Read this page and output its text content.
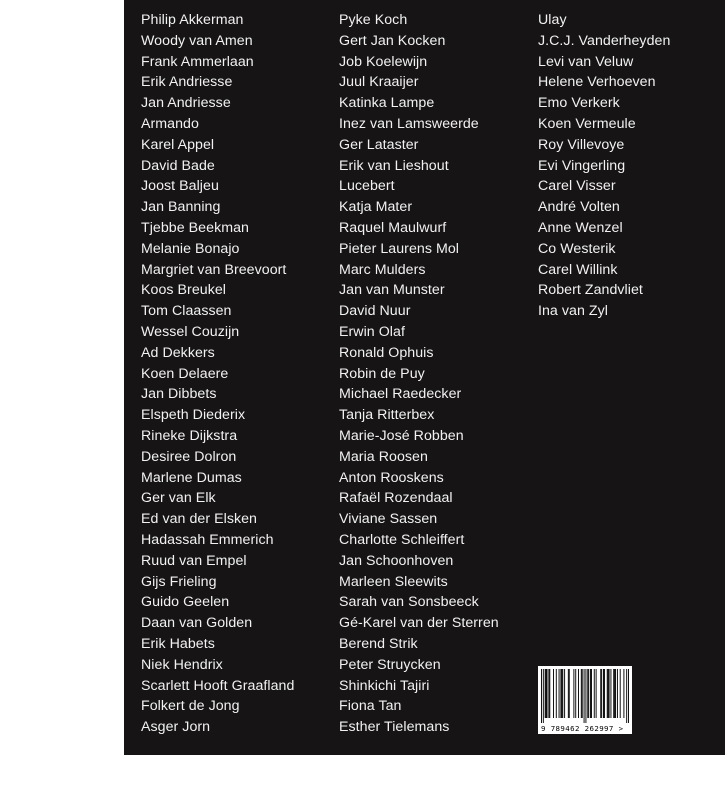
Philip Akkerman
Woody van Amen
Frank Ammerlaan
Erik Andriesse
Jan Andriesse
Armando
Karel Appel
David Bade
Joost Baljeu
Jan Banning
Tjebbe Beekman
Melanie Bonajo
Margriet van Breevoort
Koos Breukel
Tom Claassen
Wessel Couzijn
Ad Dekkers
Koen Delaere
Jan Dibbets
Elspeth Diederix
Rineke Dijkstra
Desiree Dolron
Marlene Dumas
Ger van Elk
Ed van der Elsken
Hadassah Emmerich
Ruud van Empel
Gijs Frieling
Guido Geelen
Daan van Golden
Erik Habets
Niek Hendrix
Scarlett Hooft Graafland
Folkert de Jong
Asger Jorn
Pyke Koch
Gert Jan Kocken
Job Koelewijn
Juul Kraaijer
Katinka Lampe
Inez van Lamsweerde
Ger Lataster
Erik van Lieshout
Lucebert
Katja Mater
Raquel Maulwurf
Pieter Laurens Mol
Marc Mulders
Jan van Munster
David Nuur
Erwin Olaf
Ronald Ophuis
Robin de Puy
Michael Raedecker
Tanja Ritterbex
Marie-José Robben
Maria Roosen
Anton Rooskens
Rafaël Rozendaal
Viviane Sassen
Charlotte Schleiffert
Jan Schoonhoven
Marleen Sleewits
Sarah van Sonsbeeck
Gé-Karel van der Sterren
Berend Strik
Peter Struycken
Shinkichi Tajiri
Fiona Tan
Esther Tielemans
Ulay
J.C.J. Vanderheyden
Levi van Veluw
Helene Verhoeven
Emo Verkerk
Koen Vermeule
Roy Villevoye
Evi Vingerling
Carel Visser
André Volten
Anne Wenzel
Co Westerik
Carel Willink
Robert Zandvliet
Ina van Zyl
9 789462 262997 >
